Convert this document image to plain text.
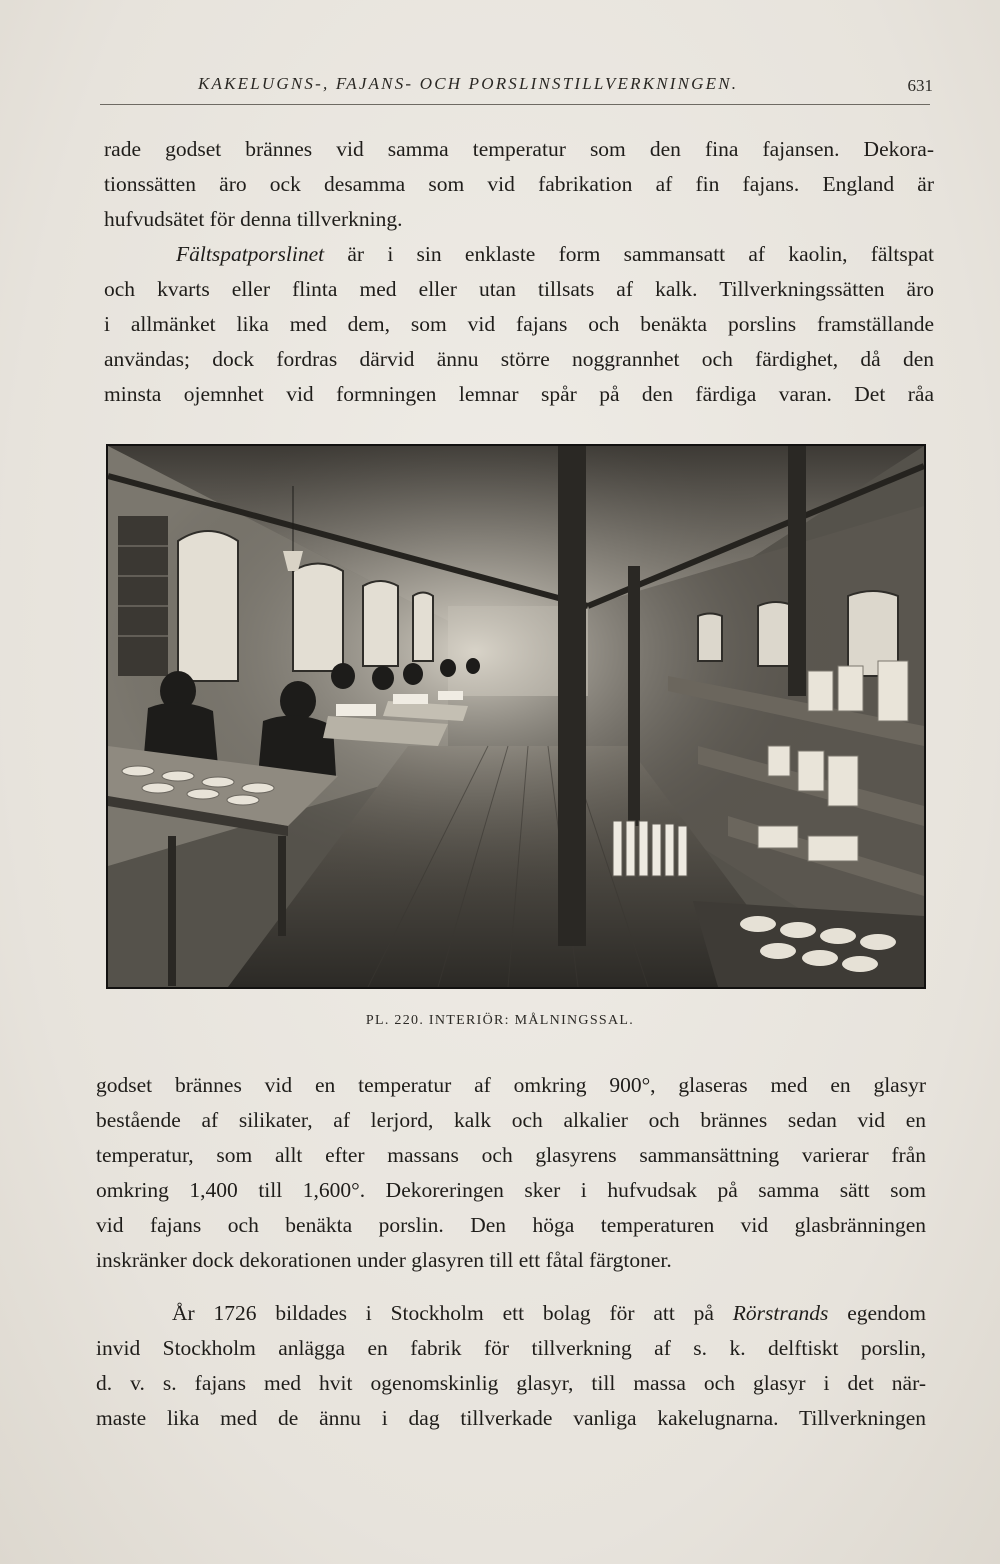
KAKELUGNS-, FAJANS- OCH PORSLINSTILLVERKNINGEN.	631
rade godset brännes vid samma temperatur som den fina fajansen. Dekora-
tionssätten äro ock desamma som vid fabrikation af fin fajans. England är
hufvudsätet för denna tillverkning.
Fältspatporslinet är i sin enklaste form sammansatt af kaolin, fältspat
och kvarts eller flinta med eller utan tillsats af kalk. Tillverkningssätten äro
i allmänket lika med dem, som vid fajans och benäkta porslins framställande
användas; dock fordras därvid ännu större noggrannhet och färdighet, då den
minsta ojemnhet vid formningen lemnar spår på den färdiga varan. Det råa
PL. 220. INTERIÖR: MÅLNINGSSAL.
godset brännes vid en temperatur af omkring 900°, glaseras med en glasyr
bestående af silikater, af lerjord, kalk och alkalier och brännes sedan vid en
temperatur, som allt efter massans och glasyrens sammansättning varierar från
omkring 1,400 till 1,600°. Dekoreringen sker i hufvudsak på samma sätt som
vid fajans och benäkta porslin. Den höga temperaturen vid glasbränningen
inskränker dock dekorationen under glasyren till ett fåtal färgtoner.
År 1726 bildades i Stockholm ett bolag för att på Rörstrands egendom
invid Stockholm anlägga en fabrik för tillverkning af s. k. delftiskt porslin,
d. v. s. fajans med hvit ogenomskinlig glasyr, till massa och glasyr i det när-
maste lika med de ännu i dag tillverkade vanliga kakelugnarna. Tillverkningen
